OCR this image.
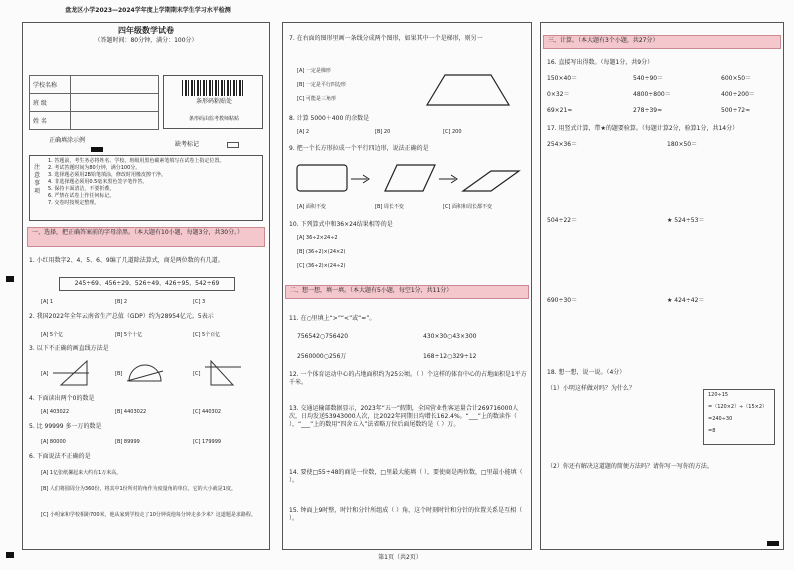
盘龙区小学2023—2024学年度上学期期末学生学习水平检测
四年级数学试卷
（答题时间：80分钟，满分：100分）
学校名称	
班 级	
姓 名	
条形码粘贴处
条形码由监考教师粘贴
正确填涂示例
缺考标记
注意事项
1. 答题前，考生务必将姓名、学校、班级用黑色碳素笔填写在试卷上指定位置。
2. 考试答题时间为80分钟，满分100分。
3. 选择题必须用2B铅笔填涂，修改时用橡皮擦干净。
4. 非选择题必须用0.5毫米黑色签字笔作答。
5. 保持卡面清洁，不要折叠。
6. 严禁在试卷上作任何标记。
7. 交卷时按规定整理。
一、选择，把正确答案前的字母涂黑。（本大题有10小题，每题3分，共30分。）
1. 小红用数字2、4、5、6、9编了几道除法算式，商是两位数的有几道。
245÷69、456÷29、526÷49、426÷95、542÷69
[A] 1	[B] 2	[C] 3
2. 我国2022年全年云南省生产总值（GDP）约为28954亿元。5表示
[A] 5个亿	[B] 5个十亿	[C] 5个百亿
3. 以下不正确的画直线方法是
[A]	[B]	[C]
4. 下面读出两个0的数是
[A] 403022	[B] 4403022	[C] 440302
5. 比 99999 多一万的数是
[A] 80000	[B] 89999	[C] 179999
6. 下面说法不正确的是
[A] 1亿张纸摞起来大约有1万米高。
[B] 人们将圆周分为360份，将其中1份所对的角作为度量角的单位，它的大小就是1度。
[C] 小明家和学校相距700米，他从家到学校走了10分钟说他每分钟走多少米？这道题是求路程。
7. 在右面的图形里画一条线分成两个图形，如果其中一个是梯形，则另一
[A] 一定是梯形
[B] 一定是平行四边形
[C] 可能是三角形
8. 计算 5000＋400 的余数是
[A] 2	[B] 20	[C] 200
9. 把一个长方形拉成一个平行四边形，说法正确的是
[A] 面积不变	[B] 周长不变	[C] 面积和周长都不变
10. 下列算式中和36×24结果相等的是
[A] 36÷2×24÷2
[B] (36÷2)×(24×2)
[C] (36÷2)×(24÷2)
二、想一想，填一填。（本大题有5小题，每空1分，共11分）
11. 在○里填上“>”“<”或“=”。
756542○756420	430×30○43×300
2560000○256万	168÷12○329÷12
12. 一个体育运动中心的占地面积约为25公顷。（ ）个这样的体育中心的占地面积是1平方千米。
13. 交通运输部数据显示，2023年“五一”假期，全国营业性客运量合计269716000人次，日均发送53943000人次，比2022年同期日均增长162.4%。“___”上的数读作（ ），“___”上的数用“四舍五入”法省略万位后面尾数约是（ ）万。
14. 要使□55÷48的商是一位数，□里最大能填（ ），要使商是两位数，□里最小能填（ ）。
15. 钟面上9时整，时针和分针所组成（ ）角，这个时刻时针和分针的位置关系是互相（ ）。
三、计算。（本大题有3个小题，共27分）
16. 直接写出得数。（每题1分，共9分）
150×40＝	540÷90＝	600×50＝
0×32＝	4800÷800＝	400÷200＝
69×21≈	278÷39≈	500÷72≈
17. 用竖式计算，带★的题要验算。（每题计算2分，验算1分，共14分）
254×36＝	180×50＝
504÷22＝	★ 524÷53＝
690÷30＝	★ 424÷42＝
18. 想一想，说一说。（4分）
（1）小明这样做对吗？为什么？
120÷15
=（120×2）÷（15×2）
=240÷30
=8
（2）你还有解决这道题的简便方法吗？请你写一写你的方法。
第1页（共2页）
